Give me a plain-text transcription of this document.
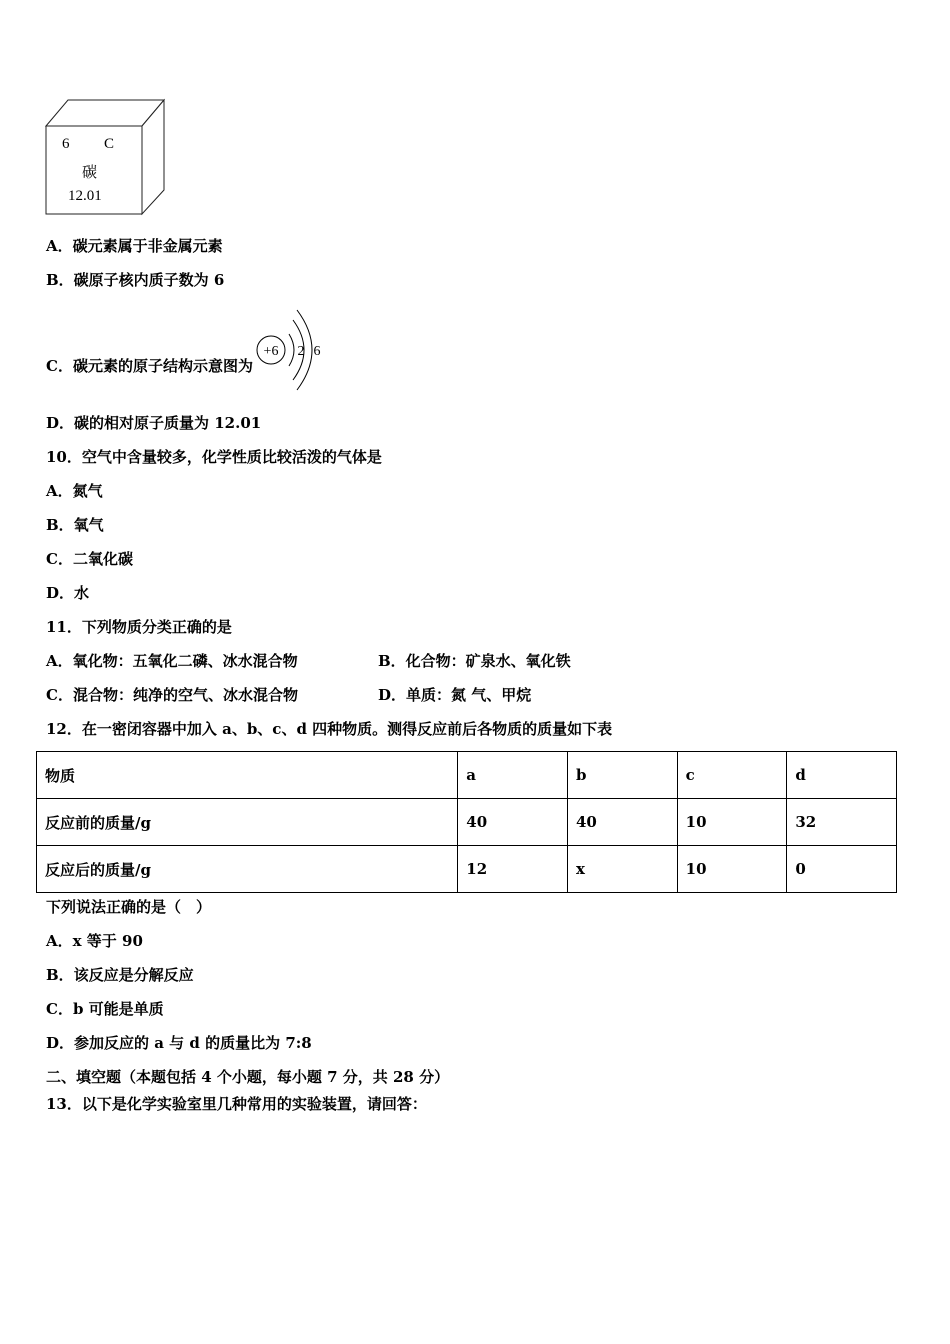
6 C
碳
12.01
A．碳元素属于非金属元素
B．碳原子核内质子数为 6
C．碳元素的原子结构示意图为
+6 2 6
D．碳的相对原子质量为 12.01
10．空气中含量较多，化学性质比较活泼的气体是
A．氮气
B．氧气
C．二氧化碳
D．水
11．下列物质分类正确的是
A．氧化物：五氧化二磷、冰水混合物	B．化合物：矿泉水、氧化铁
C．混合物：纯净的空气、冰水混合物	D．单质：氮 气、甲烷
12．在一密闭容器中加入 a、b、c、d 四种物质。测得反应前后各物质的质量如下表
物质	a	b	c	d
反应前的质量/g	40	40	10	32
反应后的质量/g	12	x	10	0
下列说法正确的是（　）
A．x 等于 90
B．该反应是分解反应
C．b 可能是单质
D．参加反应的 a 与 d 的质量比为 7:8
二、填空题（本题包括 4 个小题，每小题 7 分，共 28 分）
13．以下是化学实验室里几种常用的实验装置，请回答：
